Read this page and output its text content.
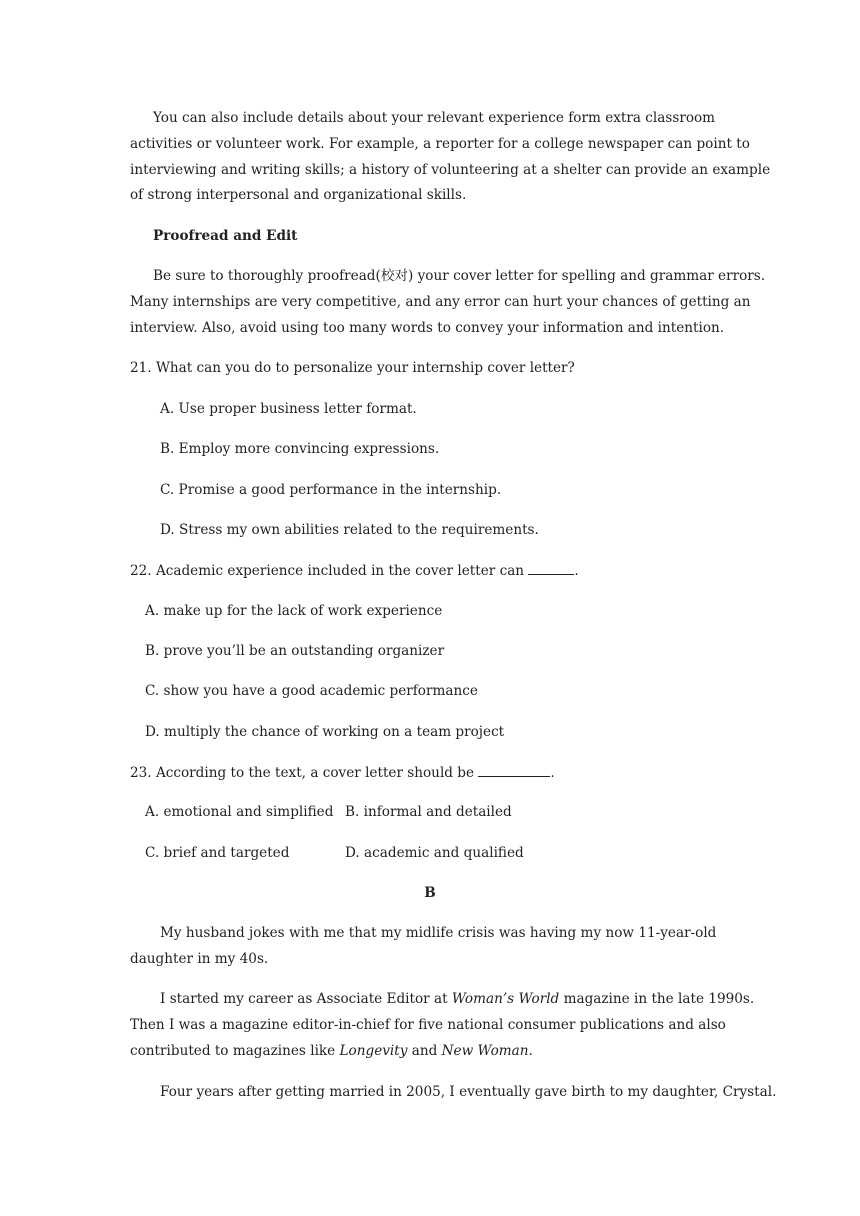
You can also include details about your relevant experience form extra classroom
activities or volunteer work. For example, a reporter for a college newspaper can point to
interviewing and writing skills; a history of volunteering at a shelter can provide an example
of strong interpersonal and organizational skills.
Proofread and Edit
Be sure to thoroughly proofread(校对) your cover letter for spelling and grammar errors.
Many internships are very competitive, and any error can hurt your chances of getting an
interview. Also, avoid using too many words to convey your information and intention.
21. What can you do to personalize your internship cover letter?
A. Use proper business letter format.
B. Employ more convincing expressions.
C. Promise a good performance in the internship.
D. Stress my own abilities related to the requirements.
22. Academic experience included in the cover letter can	.
A. make up for the lack of work experience
B. prove you’ll be an outstanding organizer
C. show you have a good academic performance
D. multiply the chance of working on a team project
23. According to the text, a cover letter should be	.
A. emotional and simplified B. informal and detailed
C. brief and targeted	D. academic and qualified
B
My husband jokes with me that my midlife crisis was having my now 11-year-old
daughter in my 40s.
I started my career as Associate Editor at Woman’s World magazine in the late 1990s.
Then I was a magazine editor-in-chief for five national consumer publications and also
contributed to magazines like Longevity and New Woman.
Four years after getting married in 2005, I eventually gave birth to my daughter, Crystal.
